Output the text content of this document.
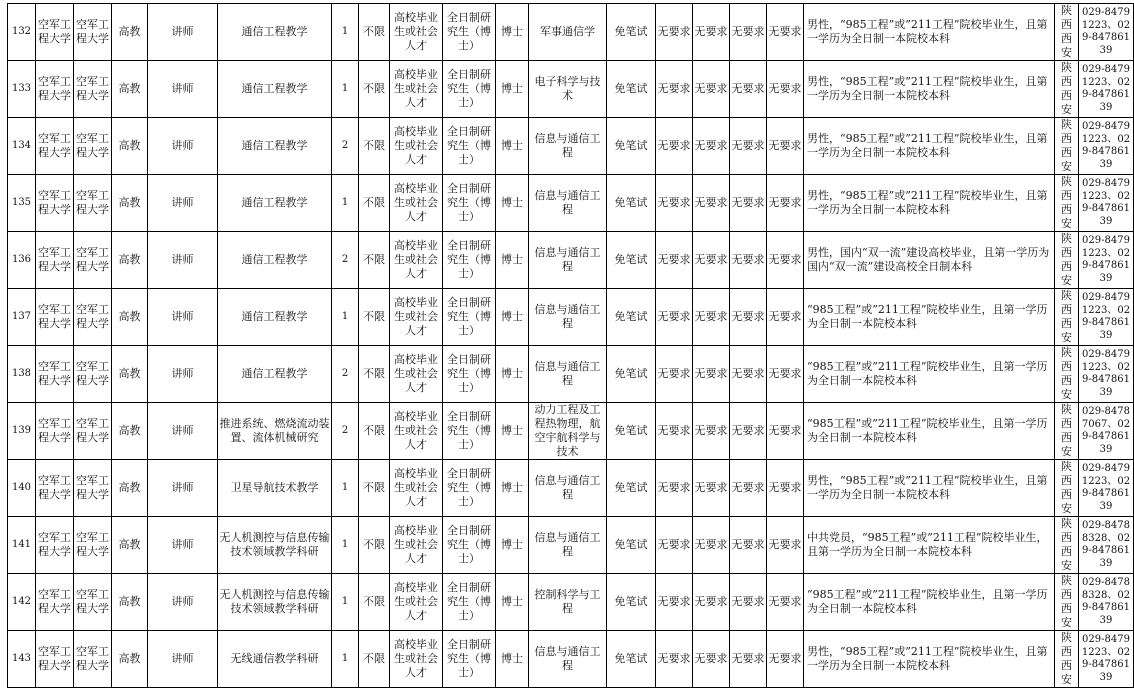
132	空军工程大学	空军工程大学	高教	讲师	通信工程教学	1	不限	高校毕业生或社会人才	全日制研究生（博士）	博士	军事通信学	免笔试	无要求	无要求	无要求	无要求	男性，“985工程”或”211工程”院校毕业生，且第一学历为全日制一本院校本科	陕西西安	029-84791223、029-84786139
133	空军工程大学	空军工程大学	高教	讲师	通信工程教学	1	不限	高校毕业生或社会人才	全日制研究生（博士）	博士	电子科学与技术	免笔试	无要求	无要求	无要求	无要求	男性，“985工程”或”211工程”院校毕业生，且第一学历为全日制一本院校本科	陕西西安	029-84791223、029-84786139
134	空军工程大学	空军工程大学	高教	讲师	通信工程教学	2	不限	高校毕业生或社会人才	全日制研究生（博士）	博士	信息与通信工程	免笔试	无要求	无要求	无要求	无要求	男性，“985工程”或”211工程”院校毕业生，且第一学历为全日制一本院校本科	陕西西安	029-84791223、029-84786139
135	空军工程大学	空军工程大学	高教	讲师	通信工程教学	1	不限	高校毕业生或社会人才	全日制研究生（博士）	博士	信息与通信工程	免笔试	无要求	无要求	无要求	无要求	男性，“985工程”或”211工程”院校毕业生，且第一学历为全日制一本院校本科	陕西西安	029-84791223、029-84786139
136	空军工程大学	空军工程大学	高教	讲师	通信工程教学	2	不限	高校毕业生或社会人才	全日制研究生（博士）	博士	信息与通信工程	免笔试	无要求	无要求	无要求	无要求	男性，国内“双一流”建设高校毕业，且第一学历为国内“双一流”建设高校全日制本科	陕西西安	029-84791223、029-84786139
137	空军工程大学	空军工程大学	高教	讲师	通信工程教学	1	不限	高校毕业生或社会人才	全日制研究生（博士）	博士	信息与通信工程	免笔试	无要求	无要求	无要求	无要求	“985工程”或”211工程”院校毕业生，且第一学历为全日制一本院校本科	陕西西安	029-84791223、029-84786139
138	空军工程大学	空军工程大学	高教	讲师	通信工程教学	2	不限	高校毕业生或社会人才	全日制研究生（博士）	博士	信息与通信工程	免笔试	无要求	无要求	无要求	无要求	“985工程”或”211工程”院校毕业生，且第一学历为全日制一本院校本科	陕西西安	029-84791223、029-84786139
139	空军工程大学	空军工程大学	高教	讲师	推进系统、燃烧流动装置、流体机械研究	2	不限	高校毕业生或社会人才	全日制研究生（博士）	博士	动力工程及工程热物理，航空宇航科学与技术	免笔试	无要求	无要求	无要求	无要求	“985工程”或”211工程”院校毕业生，且第一学历为全日制一本院校本科	陕西西安	029-84787067、029-84786139
140	空军工程大学	空军工程大学	高教	讲师	卫星导航技术教学	1	不限	高校毕业生或社会人才	全日制研究生（博士）	博士	信息与通信工程	免笔试	无要求	无要求	无要求	无要求	男性，“985工程”或”211工程”院校毕业生，且第一学历为全日制一本院校本科	陕西西安	029-84791223、029-84786139
141	空军工程大学	空军工程大学	高教	讲师	无人机测控与信息传输技术领域教学科研	1	不限	高校毕业生或社会人才	全日制研究生（博士）	博士	信息与通信工程	免笔试	无要求	无要求	无要求	无要求	中共党员，“985工程”或”211工程”院校毕业生，且第一学历为全日制一本院校本科	陕西西安	029-84788328、029-84786139
142	空军工程大学	空军工程大学	高教	讲师	无人机测控与信息传输技术领域教学科研	1	不限	高校毕业生或社会人才	全日制研究生（博士）	博士	控制科学与工程	免笔试	无要求	无要求	无要求	无要求	“985工程”或”211工程”院校毕业生，且第一学历为全日制一本院校本科	陕西西安	029-84788328、029-84786139
143	空军工程大学	空军工程大学	高教	讲师	无线通信教学科研	1	不限	高校毕业生或社会人才	全日制研究生（博士）	博士	信息与通信工程	免笔试	无要求	无要求	无要求	无要求	男性，“985工程”或”211工程”院校毕业生，且第一学历为全日制一本院校本科	陕西西安	029-84791223、029-84786139
